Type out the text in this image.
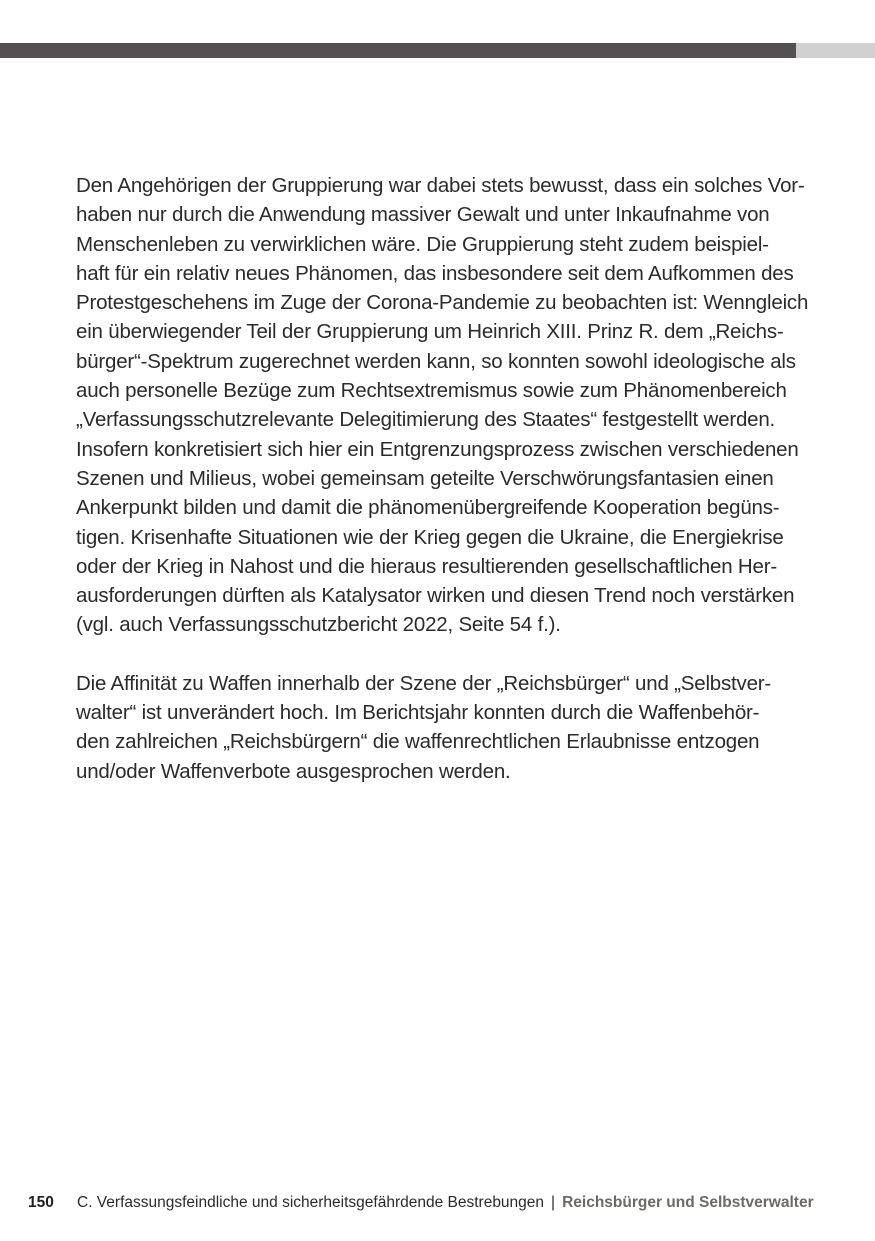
Den Angehörigen der Gruppierung war dabei stets bewusst, dass ein solches Vor-
haben nur durch die Anwendung massiver Gewalt und unter Inkaufnahme von
Menschenleben zu verwirklichen wäre. Die Gruppierung steht zudem beispiel-
haft für ein relativ neues Phänomen, das insbesondere seit dem Aufkommen des
Protestgeschehens im Zuge der Corona-Pandemie zu beobachten ist: Wenngleich
ein überwiegender Teil der Gruppierung um Heinrich XIII. Prinz R. dem „Reichs-
bürger“-Spektrum zugerechnet werden kann, so konnten sowohl ideologische als
auch personelle Bezüge zum Rechtsextremismus sowie zum Phänomenbereich
„Verfassungsschutzrelevante Delegitimierung des Staates“ festgestellt werden.
Insofern konkretisiert sich hier ein Entgrenzungsprozess zwischen verschiedenen
Szenen und Milieus, wobei gemeinsam geteilte Verschwörungsfantasien einen
Ankerpunkt bilden und damit die phänomenübergreifende Kooperation begüns-
tigen. Krisenhafte Situationen wie der Krieg gegen die Ukraine, die Energiekrise
oder der Krieg in Nahost und die hieraus resultierenden gesellschaftlichen Her-
ausforderungen dürften als Katalysator wirken und diesen Trend noch verstärken
(vgl. auch Verfassungsschutzbericht 2022, Seite 54 f.).
Die Affinität zu Waffen innerhalb der Szene der „Reichsbürger“ und „Selbstver-
walter“ ist unverändert hoch. Im Berichtsjahr konnten durch die Waffenbehör-
den zahlreichen „Reichsbürgern“ die waffenrechtlichen Erlaubnisse entzogen
und/oder Waffenverbote ausgesprochen werden.
150 C. Verfassungsfeindliche und sicherheitsgefährdende Bestrebungen | Reichsbürger und Selbstverwalter
